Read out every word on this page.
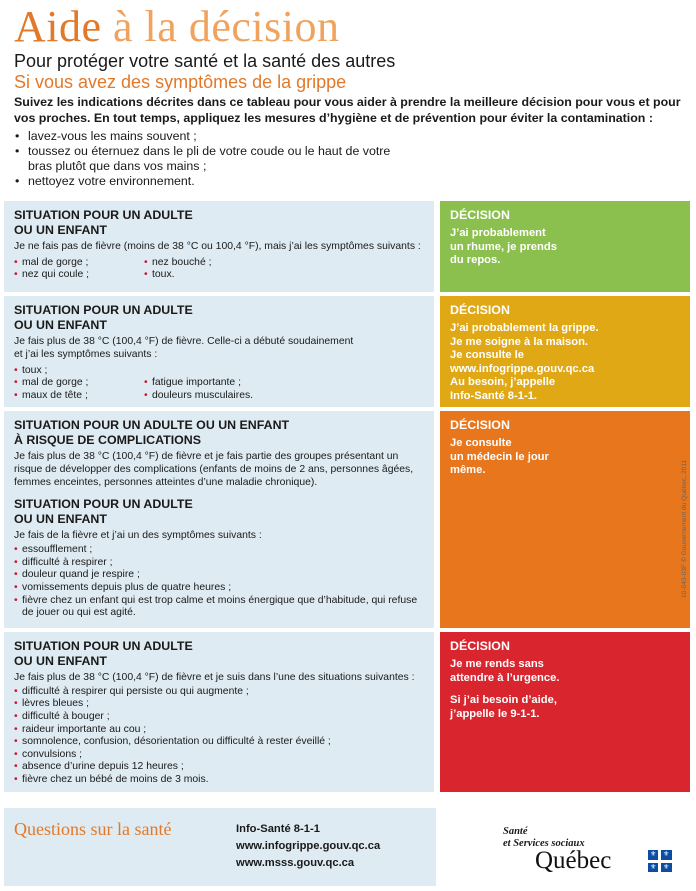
Aide à la décision
Pour protéger votre santé et la santé des autres
Si vous avez des symptômes de la grippe
Suivez les indications décrites dans ce tableau pour vous aider à prendre la meilleure décision pour vous et pour vos proches. En tout temps, appliquez les mesures d’hygiène et de prévention pour éviter la contamination :
• lavez-vous les mains souvent ;
• toussez ou éternuez dans le pli de votre coude ou le haut de votre
bras plutôt que dans vos mains ;
• nettoyez votre environnement.
SITUATION POUR UN ADULTE
OU UN ENFANT
Je ne fais pas de fièvre (moins de 38 °C ou 100,4 °F), mais j’ai les symptômes suivants :
• mal de gorge ;
• nez qui coule ;
• nez bouché ;
• toux.
DÉCISION
J’ai probablement
un rhume, je prends
du repos.
SITUATION POUR UN ADULTE
OU UN ENFANT
Je fais plus de 38 °C (100,4 °F) de fièvre. Celle-ci a débuté soudainement
et j’ai les symptômes suivants :
• toux ;
• mal de gorge ;
• maux de tête ;
• fatigue importante ;
• douleurs musculaires.
DÉCISION
J’ai probablement la grippe.
Je me soigne à la maison.
Je consulte le
www.infogrippe.gouv.qc.ca
Au besoin, j’appelle
Info-Santé 8-1-1.
SITUATION POUR UN ADULTE OU UN ENFANT
À RISQUE DE COMPLICATIONS
Je fais plus de 38 °C (100,4 °F) de fièvre et je fais partie des groupes présentant un risque de développer des complications (enfants de moins de 2 ans, personnes âgées, femmes enceintes, personnes atteintes d’une maladie chronique).
SITUATION POUR UN ADULTE
OU UN ENFANT
Je fais de la fièvre et j’ai un des symptômes suivants :
• essoufflement ;
• difficulté à respirer ;
• douleur quand je respire ;
• vomissements depuis plus de quatre heures ;
• fièvre chez un enfant qui est trop calme et moins énergique que d’habitude, qui refuse de jouer ou qui est agité.
DÉCISION
Je consulte
un médecin le jour
même.
SITUATION POUR UN ADULTE
OU UN ENFANT
Je fais plus de 38 °C (100,4 °F) de fièvre et je suis dans l’une des situations suivantes :
• difficulté à respirer qui persiste ou qui augmente ;
• lèvres bleues ;
• difficulté à bouger ;
• raideur importante au cou ;
• somnolence, confusion, désorientation ou difficulté à rester éveillé ;
• convulsions ;
• absence d’urine depuis 12 heures ;
• fièvre chez un bébé de moins de 3 mois.
DÉCISION
Je me rends sans
attendre à l’urgence.
Si j’ai besoin d’aide,
j’appelle le 9-1-1.
Questions sur la santé	Info-Santé 8-1-1
www.infogrippe.gouv.qc.ca
www.msss.gouv.qc.ca
Santé
et Services sociaux
Québec	⚜ ⚜
⚜ ⚜
10-043-03F © Gouvernement du Québec, 2011
